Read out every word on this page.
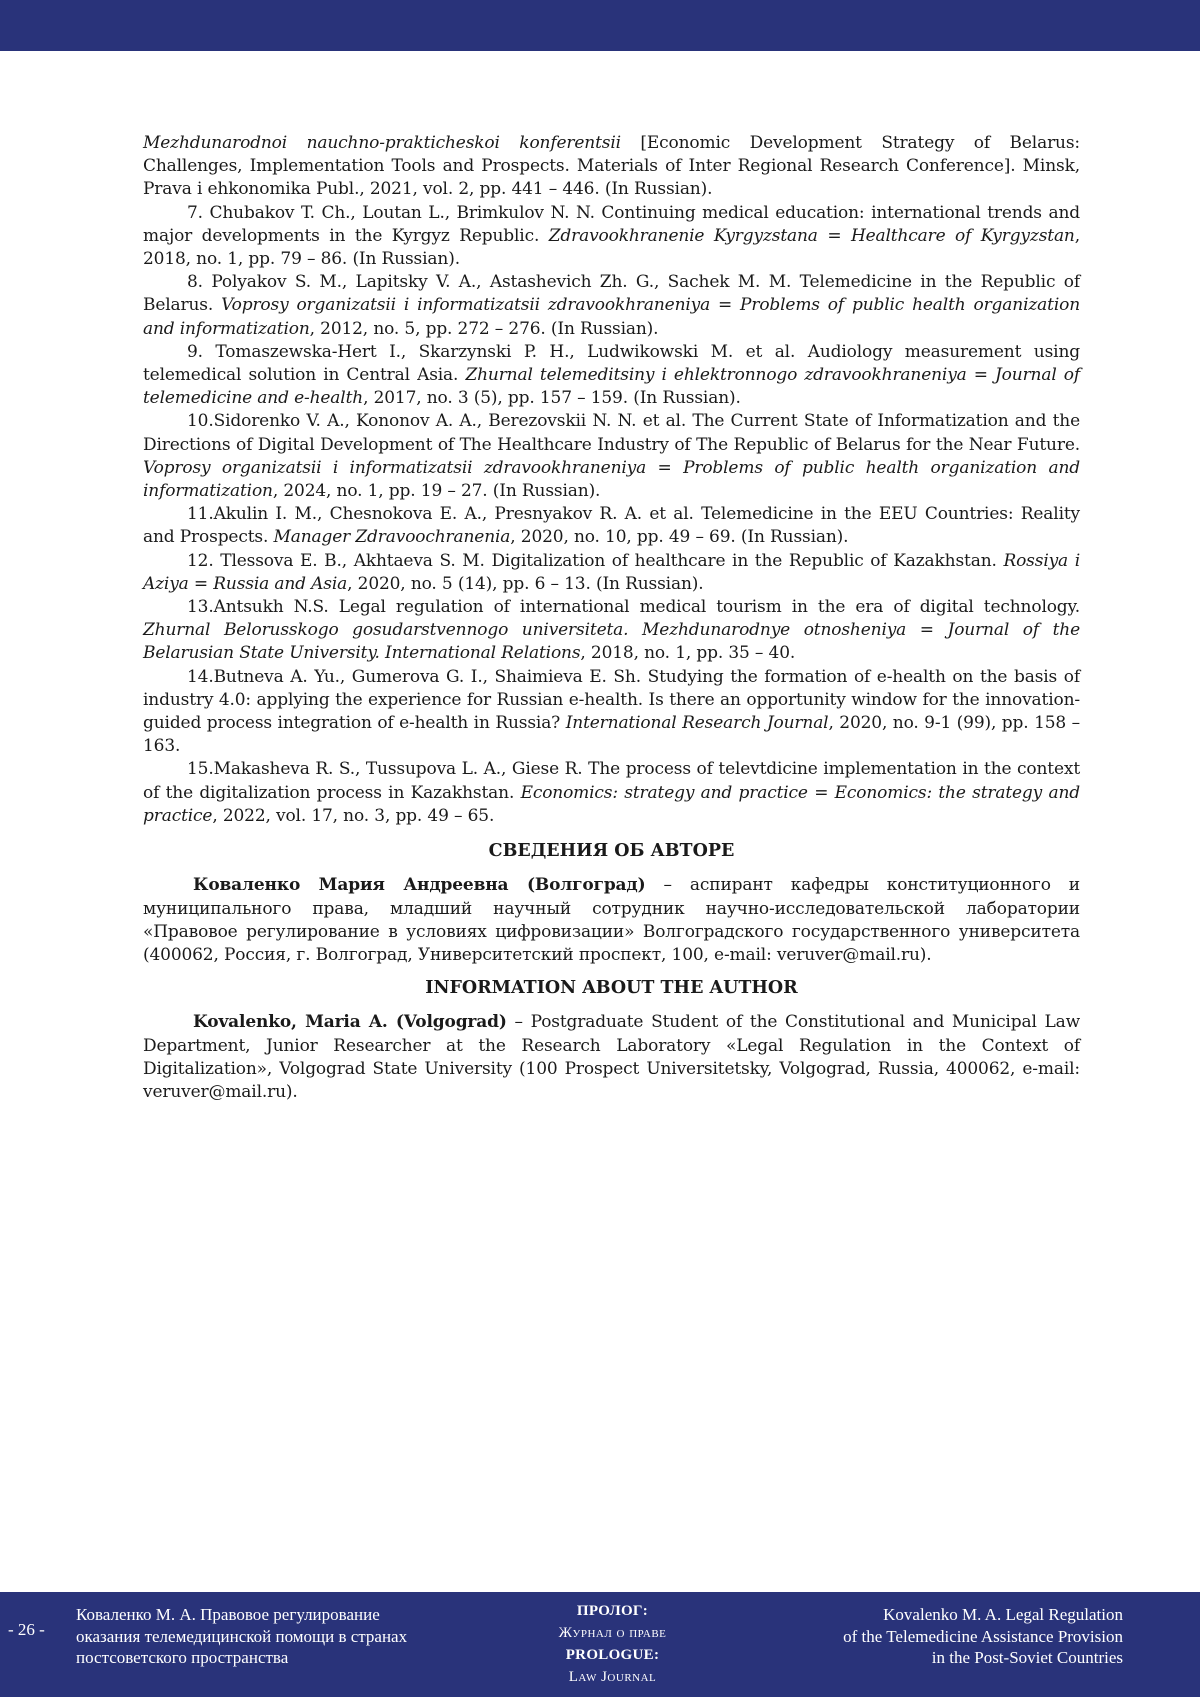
Mezhdunarodnoi nauchno-prakticheskoi konferentsii [Economic Development Strategy of Belarus: Challenges, Implementation Tools and Prospects. Materials of Inter Regional Research Conference]. Minsk, Prava i ehkonomika Publ., 2021, vol. 2, pp. 441 – 446. (In Russian).

7. Chubakov T. Ch., Loutan L., Brimkulov N. N. Continuing medical education: international trends and major developments in the Kyrgyz Republic. Zdravookhranenie Kyrgyzstana = Healthcare of Kyrgyzstan, 2018, no. 1, pp. 79 – 86. (In Russian).

8. Polyakov S. M., Lapitsky V. A., Astashevich Zh. G., Sachek M. M. Telemedicine in the Republic of Belarus. Voprosy organizatsii i informatizatsii zdravookhraneniya = Problems of public health organization and informatization, 2012, no. 5, pp. 272 – 276. (In Russian).

9. Tomaszewska-Hert I., Skarzynski P. H., Ludwikowski M. et al. Audiology measurement using telemedical solution in Central Asia. Zhurnal telemeditsiny i ehlektronnogo zdravookhraneniya = Journal of telemedicine and e-health, 2017, no. 3 (5), pp. 157 – 159. (In Russian).

10.Sidorenko V. A., Kononov A. A., Berezovskii N. N. et al. The Current State of Informatization and the Directions of Digital Development of The Healthcare Industry of The Republic of Belarus for the Near Future. Voprosy organizatsii i informatizatsii zdravookhraneniya = Problems of public health organization and informatization, 2024, no. 1, pp. 19 – 27. (In Russian).

11.Akulin I. M., Chesnokova E. A., Presnyakov R. A. et al. Telemedicine in the EEU Countries: Reality and Prospects. Manager Zdravoochranenia, 2020, no. 10, pp. 49 – 69. (In Russian).

12. Tlessova E. B., Akhtaeva S. M. Digitalization of healthcare in the Republic of Kazakhstan. Rossiya i Aziya = Russia and Asia, 2020, no. 5 (14), pp. 6 – 13. (In Russian).

13.Antsukh N.S. Legal regulation of international medical tourism in the era of digital technology. Zhurnal Belorusskogo gosudarstvennogo universiteta. Mezhdunarodnye otnosheniya = Journal of the Belarusian State University. International Relations, 2018, no. 1, pp. 35 – 40.

14.Butneva A. Yu., Gumerova G. I., Shaimieva E. Sh. Studying the formation of e-health on the basis of industry 4.0: applying the experience for Russian e-health. Is there an opportunity window for the innovation-guided process integration of e-health in Russia? International Research Journal, 2020, no. 9-1 (99), pp. 158 – 163.

15.Makasheva R. S., Tussupova L. A., Giese R. The process of televtdicine implementation in the context of the digitalization process in Kazakhstan. Economics: strategy and practice = Economics: the strategy and practice, 2022, vol. 17, no. 3, pp. 49 – 65.

СВЕДЕНИЯ ОБ АВТОРЕ

Коваленко Мария Андреевна (Волгоград) – аспирант кафедры конституционного и муниципального права, младший научный сотрудник научно-исследовательской лаборатории «Правовое регулирование в условиях цифровизации» Волгоградского государственного университета (400062, Россия, г. Волгоград, Университетский проспект, 100, e-mail: veruver@mail.ru).

INFORMATION ABOUT THE AUTHOR

Kovalenko, Maria A. (Volgograd) – Postgraduate Student of the Constitutional and Municipal Law Department, Junior Researcher at the Research Laboratory «Legal Regulation in the Context of Digitalization», Volgograd State University (100 Prospect Universitetsky, Volgograd, Russia, 400062, e-mail: veruver@mail.ru).

- 26 -
Коваленко М. А. Правовое регулирование
оказания телемедицинской помощи в странах
постсоветского пространства
ПРОЛОГ:
Журнал о праве
PROLOGUE:
Law Journal
Kovalenko M. A. Legal Regulation
of the Telemedicine Assistance Provision
in the Post-Soviet Countries
